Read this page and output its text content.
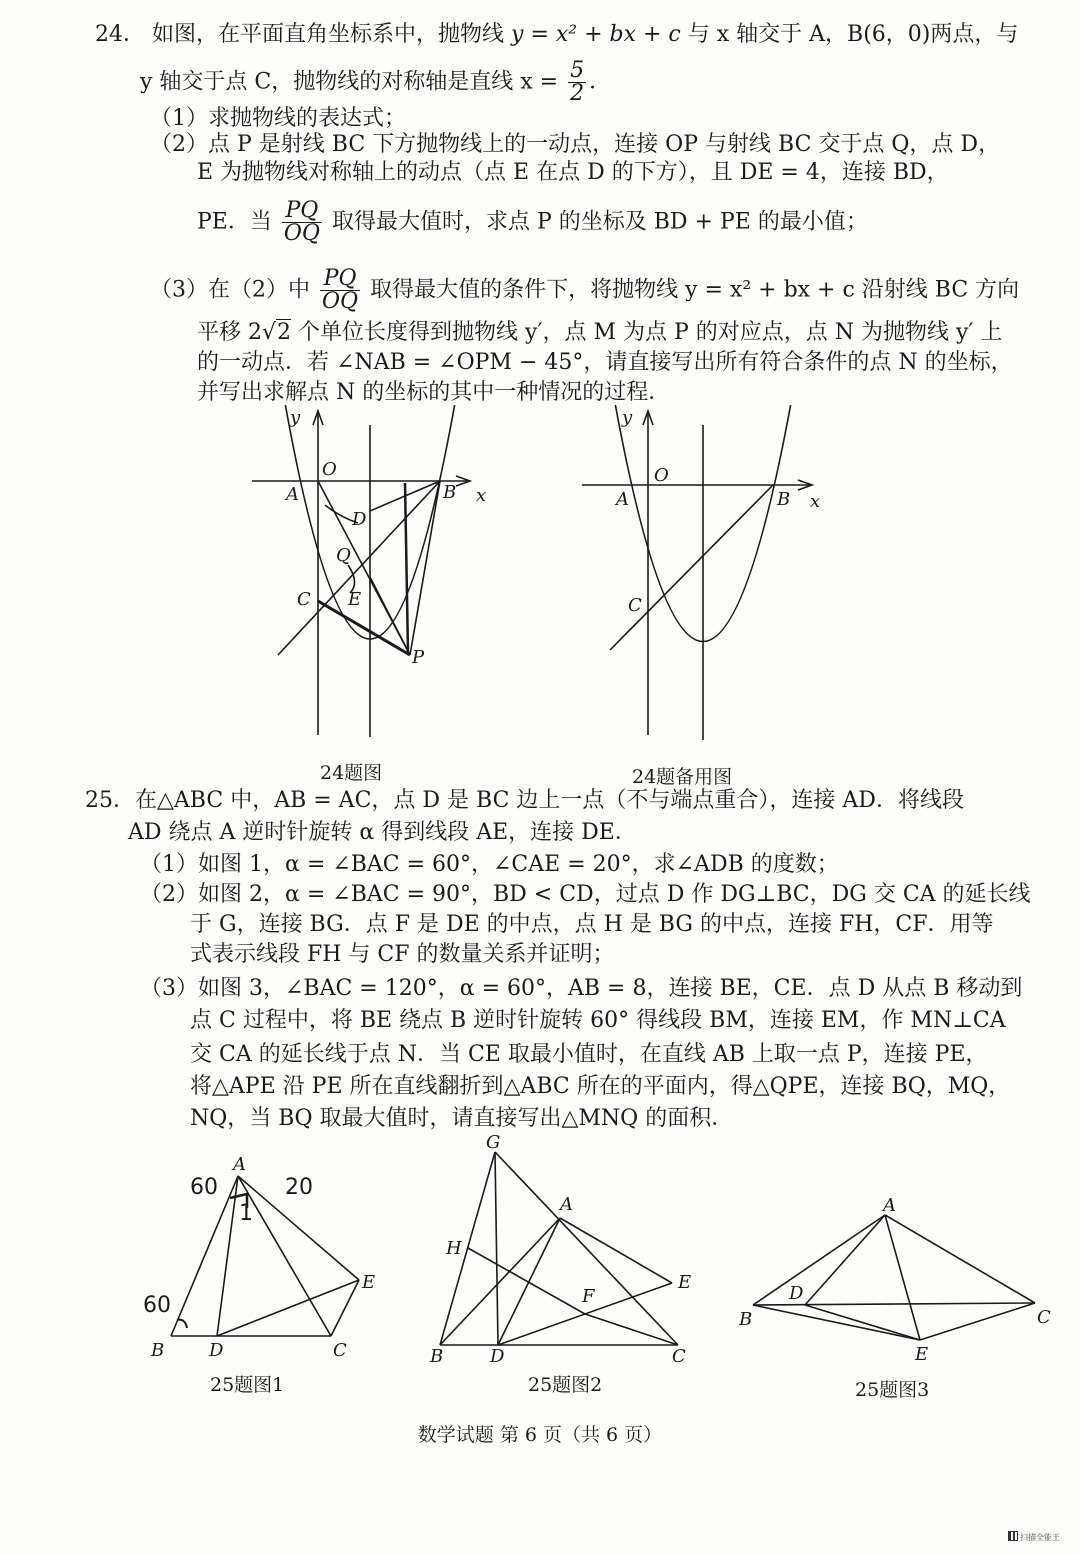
24． 如图，在平面直角坐标系中，抛物线 y = x² + bx + c 与 x 轴交于 A，B(6，0)两点，与
y 轴交于点 C，抛物线的对称轴是直线 $x = \frac{5}{2}$ ．
（1）求抛物线的表达式；
（2）点 P 是射线 BC 下方抛物线上的一动点，连接 OP 与射线 BC 交于点 Q，点 D，
E 为抛物线对称轴上的动点（点 E 在点 D 的下方），且 DE = 4，连接 BD，
PE．当 $\frac{PQ}{OQ}$ 取得最大值时，求点 P 的坐标及 BD + PE 的最小值；
（3）在（2）中 $\frac{PQ}{OQ}$ 取得最大值的条件下，将抛物线 y = x² + bx + c 沿射线 BC 方向
平移 2√2 个单位长度得到抛物线 y′，点 M 为点 P 的对应点，点 N 为抛物线 y′ 上
的一动点．若 ∠NAB = ∠OPM − 45°，请直接写出所有符合条件的点 N 的坐标，
并写出求解点 N 的坐标的其中一种情况的过程．
y
x
O
A	B
C
D
Q
E
P
y
x
O
A	B
C
24题图	24题备用图
25．在△ABC 中，AB = AC，点 D 是 BC 边上一点（不与端点重合），连接 AD．将线段
AD 绕点 A 逆时针旋转 α 得到线段 AE，连接 DE．
（1）如图 1，α = ∠BAC = 60°，∠CAE = 20°，求∠ADB 的度数；
（2）如图 2，α = ∠BAC = 90°，BD < CD，过点 D 作 DG⊥BC，DG 交 CA 的延长线
于 G，连接 BG．点 F 是 DE 的中点，点 H 是 BG 的中点，连接 FH，CF．用等
式表示线段 FH 与 CF 的数量关系并证明；
（3）如图 3，∠BAC = 120°，α = 60°，AB = 8，连接 BE，CE．点 D 从点 B 移动到
点 C 过程中，将 BE 绕点 B 逆时针旋转 60° 得线段 BM，连接 EM，作 MN⊥CA
交 CA 的延长线于点 N．当 CE 取最小值时，在直线 AB 上取一点 P，连接 PE，
将△APE 沿 PE 所在直线翻折到△ABC 所在的平面内，得△QPE，连接 BQ，MQ，
NQ，当 BQ 取最大值时，请直接写出△MNQ 的面积．
A
B	C
D
E
60	20
60
1
G
A
H
E
F
B	D	C
A
D
B	C
E
25题图1	25题图2	25题图3
数学试题 第 6 页（共 6 页）
扫描全能王
